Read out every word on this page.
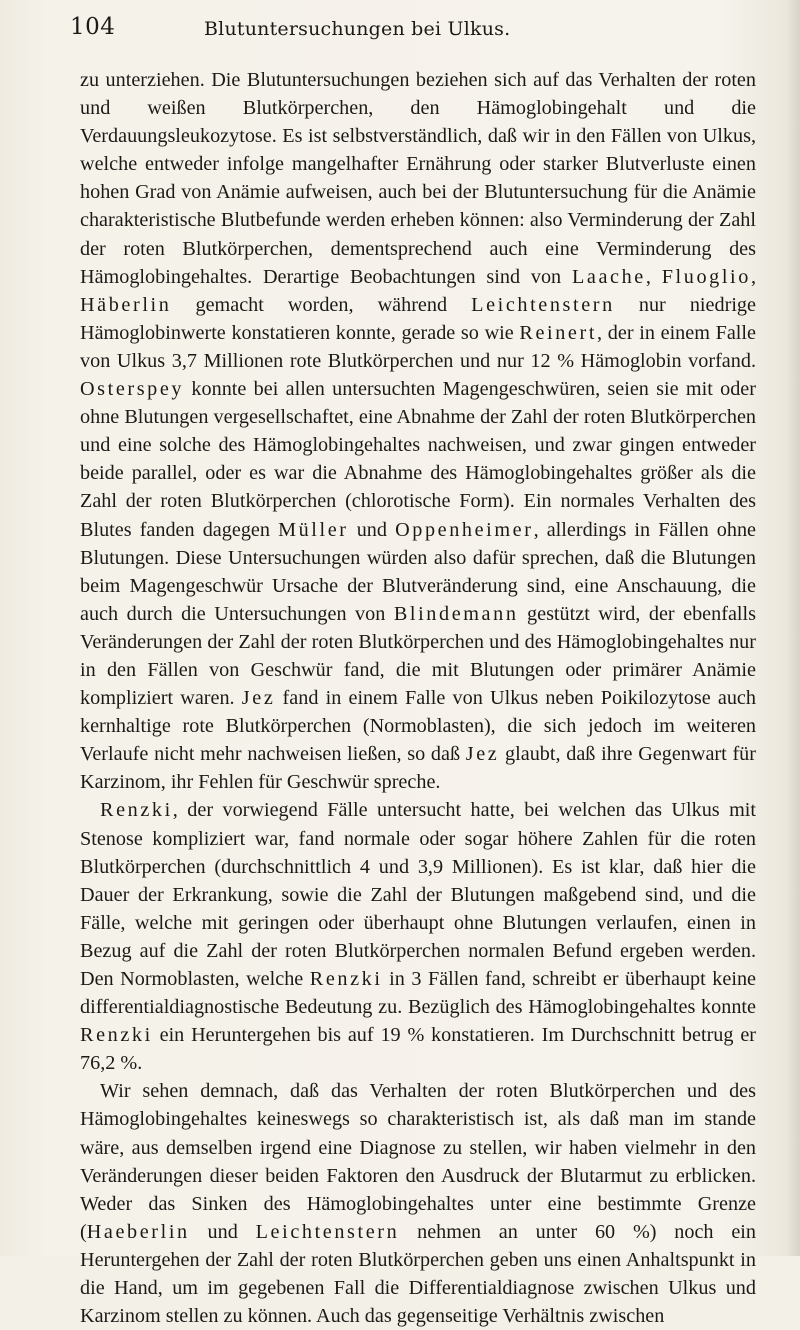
104	Blutuntersuchungen bei Ulkus.

zu unterziehen. Die Blutuntersuchungen beziehen sich auf das Verhalten der roten und weißen Blutkörperchen, den Hämoglobingehalt und die Verdauungsleukozytose. Es ist selbstverständlich, daß wir in den Fällen von Ulkus, welche entweder infolge mangelhafter Ernährung oder starker Blutverluste einen hohen Grad von Anämie aufweisen, auch bei der Blutuntersuchung für die Anämie charakteristische Blutbefunde werden erheben können: also Verminderung der Zahl der roten Blutkörperchen, dementsprechend auch eine Verminderung des Hämoglobingehaltes. Derartige Beobachtungen sind von Laache, Fluoglio, Häberlin gemacht worden, während Leichtenstern nur niedrige Hämoglobinwerte konstatieren konnte, gerade so wie Reinert, der in einem Falle von Ulkus 3,7 Millionen rote Blutkörperchen und nur 12 % Hämoglobin vorfand. Osterspey konnte bei allen untersuchten Magengeschwüren, seien sie mit oder ohne Blutungen vergesellschaftet, eine Abnahme der Zahl der roten Blutkörperchen und eine solche des Hämoglobingehaltes nachweisen, und zwar gingen entweder beide parallel, oder es war die Abnahme des Hämoglobingehaltes größer als die Zahl der roten Blutkörperchen (chlorotische Form). Ein normales Verhalten des Blutes fanden dagegen Müller und Oppenheimer, allerdings in Fällen ohne Blutungen. Diese Untersuchungen würden also dafür sprechen, daß die Blutungen beim Magengeschwür Ursache der Blutveränderung sind, eine Anschauung, die auch durch die Untersuchungen von Blindemann gestützt wird, der ebenfalls Veränderungen der Zahl der roten Blutkörperchen und des Hämoglobingehaltes nur in den Fällen von Geschwür fand, die mit Blutungen oder primärer Anämie kompliziert waren. Jez fand in einem Falle von Ulkus neben Poikilozytose auch kernhaltige rote Blutkörperchen (Normoblasten), die sich jedoch im weiteren Verlaufe nicht mehr nachweisen ließen, so daß Jez glaubt, daß ihre Gegenwart für Karzinom, ihr Fehlen für Geschwür spreche.

Renzki, der vorwiegend Fälle untersucht hatte, bei welchen das Ulkus mit Stenose kompliziert war, fand normale oder sogar höhere Zahlen für die roten Blutkörperchen (durchschnittlich 4 und 3,9 Millionen). Es ist klar, daß hier die Dauer der Erkrankung, sowie die Zahl der Blutungen maßgebend sind, und die Fälle, welche mit geringen oder überhaupt ohne Blutungen verlaufen, einen in Bezug auf die Zahl der roten Blutkörperchen normalen Befund ergeben werden. Den Normoblasten, welche Renzki in 3 Fällen fand, schreibt er überhaupt keine differentialdiagnostische Bedeutung zu. Bezüglich des Hämoglobingehaltes konnte Renzki ein Heruntergehen bis auf 19 % konstatieren. Im Durchschnitt betrug er 76,2 %.

Wir sehen demnach, daß das Verhalten der roten Blutkörperchen und des Hämoglobingehaltes keineswegs so charakteristisch ist, als daß man im stande wäre, aus demselben irgend eine Diagnose zu stellen, wir haben vielmehr in den Veränderungen dieser beiden Faktoren den Ausdruck der Blutarmut zu erblicken. Weder das Sinken des Hämoglobingehaltes unter eine bestimmte Grenze (Haeberlin und Leichtenstern nehmen an unter 60 %) noch ein Heruntergehen der Zahl der roten Blutkörperchen geben uns einen Anhaltspunkt in die Hand, um im gegebenen Fall die Differentialdiagnose zwischen Ulkus und Karzinom stellen zu können. Auch das gegenseitige Verhältnis zwischen
